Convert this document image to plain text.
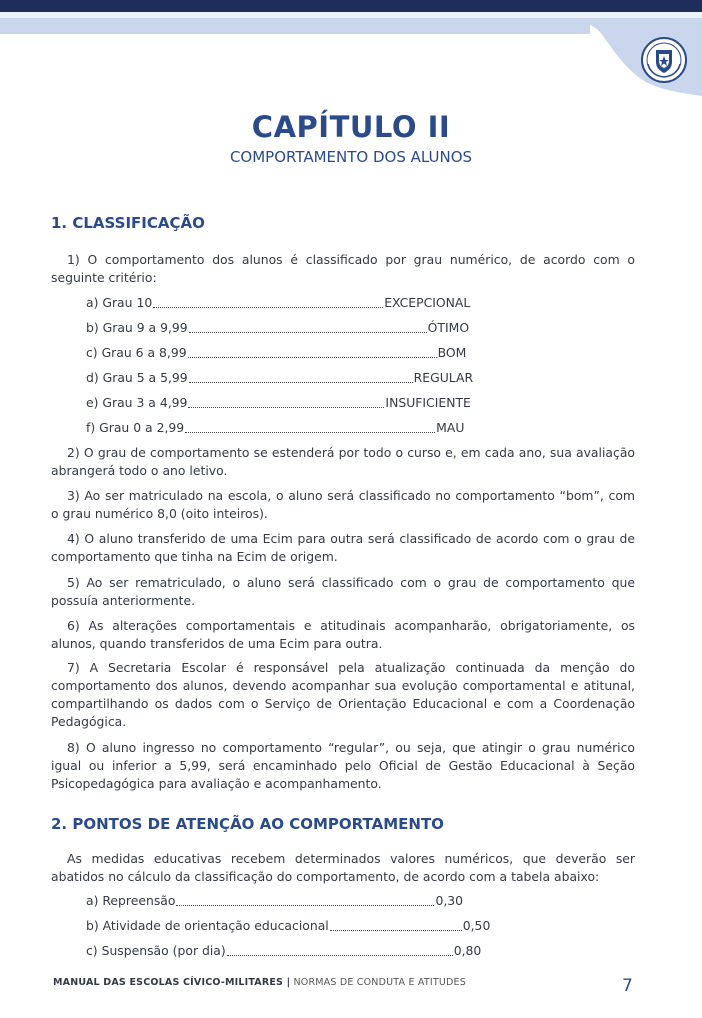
CAPÍTULO II
COMPORTAMENTO DOS ALUNOS
1. CLASSIFICAÇÃO
1) O comportamento dos alunos é classificado por grau numérico, de acordo com o seguinte critério:
a) Grau 10	EXCEPCIONAL
b) Grau 9 a 9,99	ÓTIMO
c) Grau 6 a 8,99	BOM
d) Grau 5 a 5,99	REGULAR
e) Grau 3 a 4,99	INSUFICIENTE
f) Grau 0 a 2,99	MAU
2) O grau de comportamento se estenderá por todo o curso e, em cada ano, sua avaliação abrangerá todo o ano letivo.
3) Ao ser matriculado na escola, o aluno será classificado no comportamento “bom”, com o grau numérico 8,0 (oito inteiros).
4) O aluno transferido de uma Ecim para outra será classificado de acordo com o grau de comportamento que tinha na Ecim de origem.
5) Ao ser rematriculado, o aluno será classificado com o grau de comportamento que possuía anteriormente.
6) As alterações comportamentais e atitudinais acompanharão, obrigatoriamente, os alunos, quando transferidos de uma Ecim para outra.
7) A Secretaria Escolar é responsável pela atualização continuada da menção do comportamento dos alunos, devendo acompanhar sua evolução comportamental e atitunal, compartilhando os dados com o Serviço de Orientação Educacional e com a Coordenação Pedagógica.
8) O aluno ingresso no comportamento “regular”, ou seja, que atingir o grau numérico igual ou inferior a 5,99, será encaminhado pelo Oficial de Gestão Educacional à Seção Psicopedagógica para avaliação e acompanhamento.
2. PONTOS DE ATENÇÃO AO COMPORTAMENTO
As medidas educativas recebem determinados valores numéricos, que deverão ser abatidos no cálculo da classificação do comportamento, de acordo com a tabela abaixo:
a) Repreensão	0,30
b) Atividade de orientação educacional	0,50
c) Suspensão (por dia)	0,80
MANUAL DAS ESCOLAS CÍVICO-MILITARES | NORMAS DE CONDUTA E ATITUDES	7
